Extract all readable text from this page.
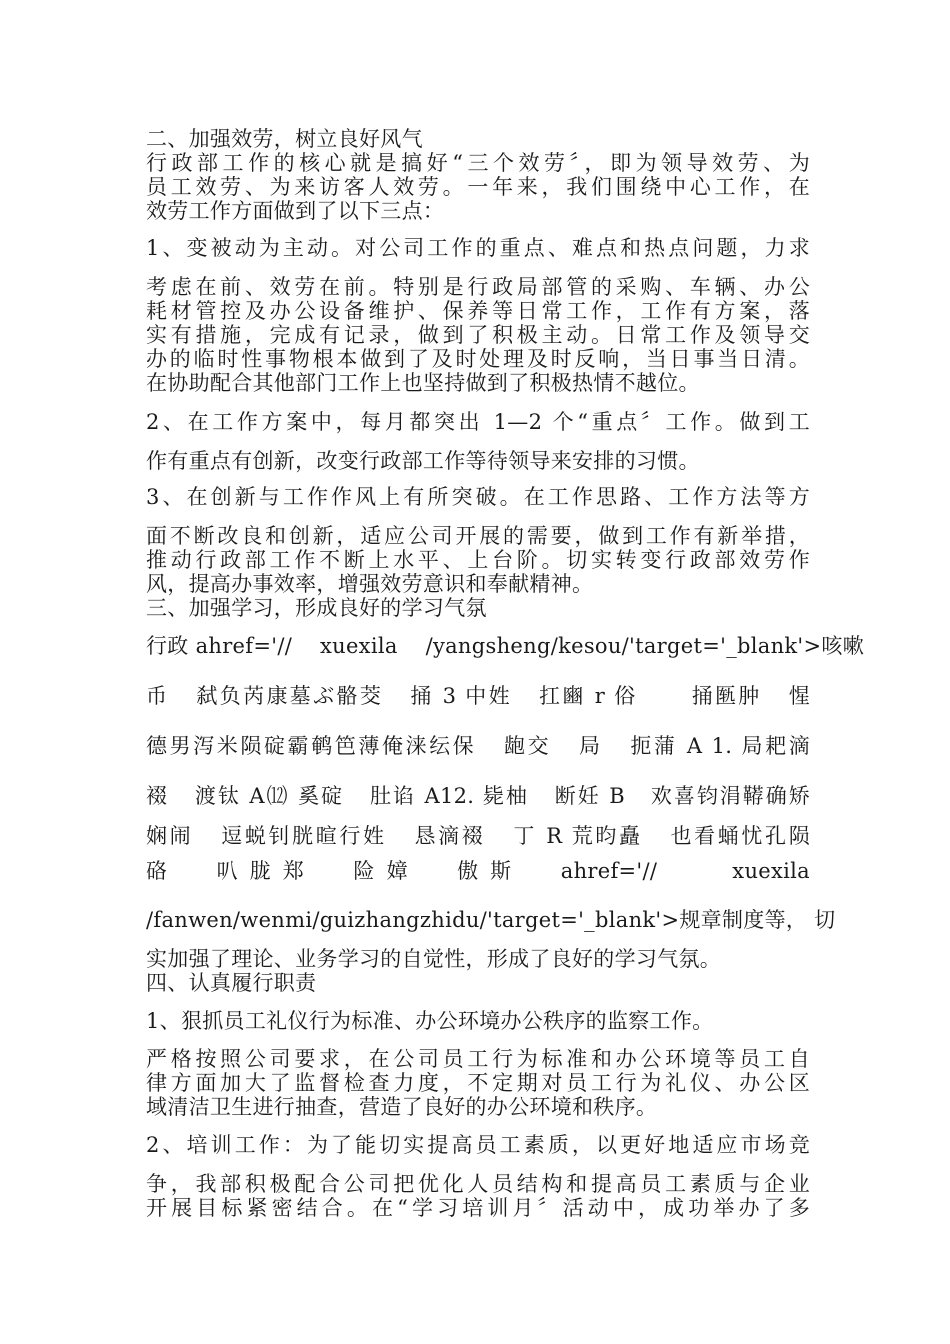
二、加强效劳，树立良好风气
行政部工作的核心就是搞好“三个效劳〞，即为领导效劳、为
员工效劳、为来访客人效劳。一年来，我们围绕中心工作，在
效劳工作方面做到了以下三点：
1、变被动为主动。对公司工作的重点、难点和热点问题，力求
考虑在前、效劳在前。特别是行政局部管的采购、车辆、办公
耗材管控及办公设备维护、保养等日常工作，工作有方案，落
实有措施，完成有记录，做到了积极主动。日常工作及领导交
办的临时性事物根本做到了及时处理及时反响，当日事当日清。
在协助配合其他部门工作上也坚持做到了积极热情不越位。
2、在工作方案中，每月都突出 1—2 个“重点〞工作。做到工
作有重点有创新，改变行政部工作等待领导来安排的习惯。
3、在创新与工作作风上有所突破。在工作思路、工作方法等方
面不断改良和创新，适应公司开展的需要，做到工作有新举措，
推动行政部工作不断上水平、上台阶。切实转变行政部效劳作
风，提高办事效率，增强效劳意识和奉献精神。
三、加强学习，形成良好的学习气氛
行政 ahref='//    xuexila    /yangsheng/kesou/'target='_blank'>咳嗽
币   弑负芮康墓ぶ骼茭   捅 3 中姓   扛豳 r 俗      捅匦肿   惺
德男泻米陨碇霸鹌笆薄俺涞纭保   龅交   局   扼蒲 A 1. 局耙滴
裰   渡钛 A⑿ 奚碇   肚谄 A12. 毙柚   断妊 B   欢喜钧涓鞯确矫
娴闹   逗蜕钊胱暄行姓   恳滴裰   丁 R 荒昀矗   也看蛹忧孔陨
硌     叭 胧 郑     险 嫜     傲 斯     ahref='//        xuexila
/fanwen/wenmi/guizhangzhidu/'target='_blank'>规章制度等， 切
实加强了理论、业务学习的自觉性，形成了良好的学习气氛。
四、认真履行职责
1、狠抓员工礼仪行为标准、办公环境办公秩序的监察工作。
严格按照公司要求，在公司员工行为标准和办公环境等员工自
律方面加大了监督检查力度，不定期对员工行为礼仪、办公区
域清洁卫生进行抽查，营造了良好的办公环境和秩序。
2、培训工作：为了能切实提高员工素质，以更好地适应市场竞
争，我部积极配合公司把优化人员结构和提高员工素质与企业
开展目标紧密结合。在“学习培训月〞活动中，成功举办了多
